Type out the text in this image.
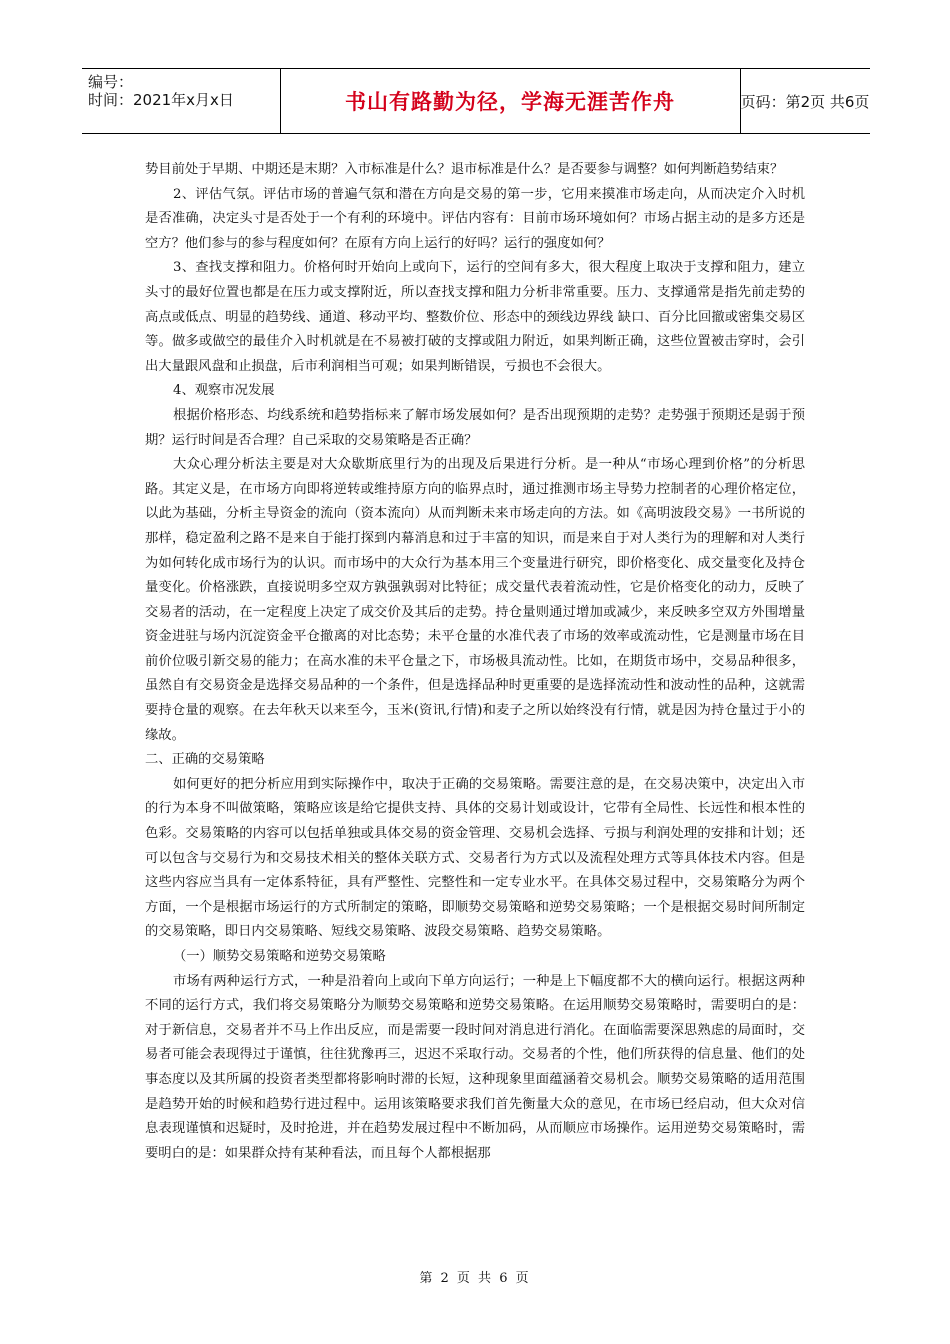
编号：
时间：2021年x月x日	书山有路勤为径，学海无涯苦作舟	页码：第2页 共6页

势目前处于早期、中期还是末期？入市标准是什么？退市标准是什么？是否要参与调整？如何判断趋势结束？

2、评估气氛。评估市场的普遍气氛和潜在方向是交易的第一步，它用来摸准市场走向，从而决定介入时机是否准确，决定头寸是否处于一个有利的环境中。评估内容有：目前市场环境如何？市场占据主动的是多方还是空方？他们参与的参与程度如何？在原有方向上运行的好吗？运行的强度如何？

3、查找支撑和阻力。价格何时开始向上或向下，运行的空间有多大，很大程度上取决于支撑和阻力，建立头寸的最好位置也都是在压力或支撑附近，所以查找支撑和阻力分析非常重要。压力、支撑通常是指先前走势的高点或低点、明显的趋势线、通道、移动平均、整数价位、形态中的颈线边界线 缺口、百分比回撤或密集交易区等。做多或做空的最佳介入时机就是在不易被打破的支撑或阻力附近，如果判断正确，这些位置被击穿时，会引出大量跟风盘和止损盘，后市利润相当可观；如果判断错误，亏损也不会很大。

4、观察市况发展

根据价格形态、均线系统和趋势指标来了解市场发展如何？是否出现预期的走势？走势强于预期还是弱于预期？运行时间是否合理？自己采取的交易策略是否正确？

大众心理分析法主要是对大众歇斯底里行为的出现及后果进行分析。是一种从“市场心理到价格”的分析思路。其定义是，在市场方向即将逆转或维持原方向的临界点时，通过推测市场主导势力控制者的心理价格定位，以此为基础，分析主导资金的流向（资本流向）从而判断未来市场走向的方法。如《高明波段交易》一书所说的那样，稳定盈利之路不是来自于能打探到内幕消息和过于丰富的知识，而是来自于对人类行为的理解和对人类行为如何转化成市场行为的认识。而市场中的大众行为基本用三个变量进行研究，即价格变化、成交量变化及持仓量变化。价格涨跌，直接说明多空双方孰强孰弱对比特征；成交量代表着流动性，它是价格变化的动力，反映了交易者的活动，在一定程度上决定了成交价及其后的走势。持仓量则通过增加或减少，来反映多空双方外围增量资金进驻与场内沉淀资金平仓撤离的对比态势；未平仓量的水准代表了市场的效率或流动性，它是测量市场在目前价位吸引新交易的能力；在高水准的未平仓量之下，市场极具流动性。比如，在期货市场中，交易品种很多，虽然自有交易资金是选择交易品种的一个条件，但是选择品种时更重要的是选择流动性和波动性的品种，这就需要持仓量的观察。在去年秋天以来至今，玉米(资讯,行情)和麦子之所以始终没有行情，就是因为持仓量过于小的缘故。

二、正确的交易策略

如何更好的把分析应用到实际操作中，取决于正确的交易策略。需要注意的是，在交易决策中，决定出入市的行为本身不叫做策略，策略应该是给它提供支持、具体的交易计划或设计，它带有全局性、长远性和根本性的色彩。交易策略的内容可以包括单独或具体交易的资金管理、交易机会选择、亏损与利润处理的安排和计划；还可以包含与交易行为和交易技术相关的整体关联方式、交易者行为方式以及流程处理方式等具体技术内容。但是这些内容应当具有一定体系特征，具有严整性、完整性和一定专业水平。在具体交易过程中，交易策略分为两个方面，一个是根据市场运行的方式所制定的策略，即顺势交易策略和逆势交易策略；一个是根据交易时间所制定的交易策略，即日内交易策略、短线交易策略、波段交易策略、趋势交易策略。

（一）顺势交易策略和逆势交易策略

市场有两种运行方式，一种是沿着向上或向下单方向运行；一种是上下幅度都不大的横向运行。根据这两种不同的运行方式，我们将交易策略分为顺势交易策略和逆势交易策略。在运用顺势交易策略时，需要明白的是：对于新信息，交易者并不马上作出反应，而是需要一段时间对消息进行消化。在面临需要深思熟虑的局面时，交易者可能会表现得过于谨慎，往往犹豫再三，迟迟不采取行动。交易者的个性，他们所获得的信息量、他们的处事态度以及其所属的投资者类型都将影响时滞的长短，这种现象里面蕴涵着交易机会。顺势交易策略的适用范围是趋势开始的时候和趋势行进过程中。运用该策略要求我们首先衡量大众的意见，在市场已经启动，但大众对信息表现谨慎和迟疑时，及时抢进，并在趋势发展过程中不断加码，从而顺应市场操作。运用逆势交易策略时，需要明白的是：如果群众持有某种看法，而且每个人都根据那

第 2 页 共 6 页
